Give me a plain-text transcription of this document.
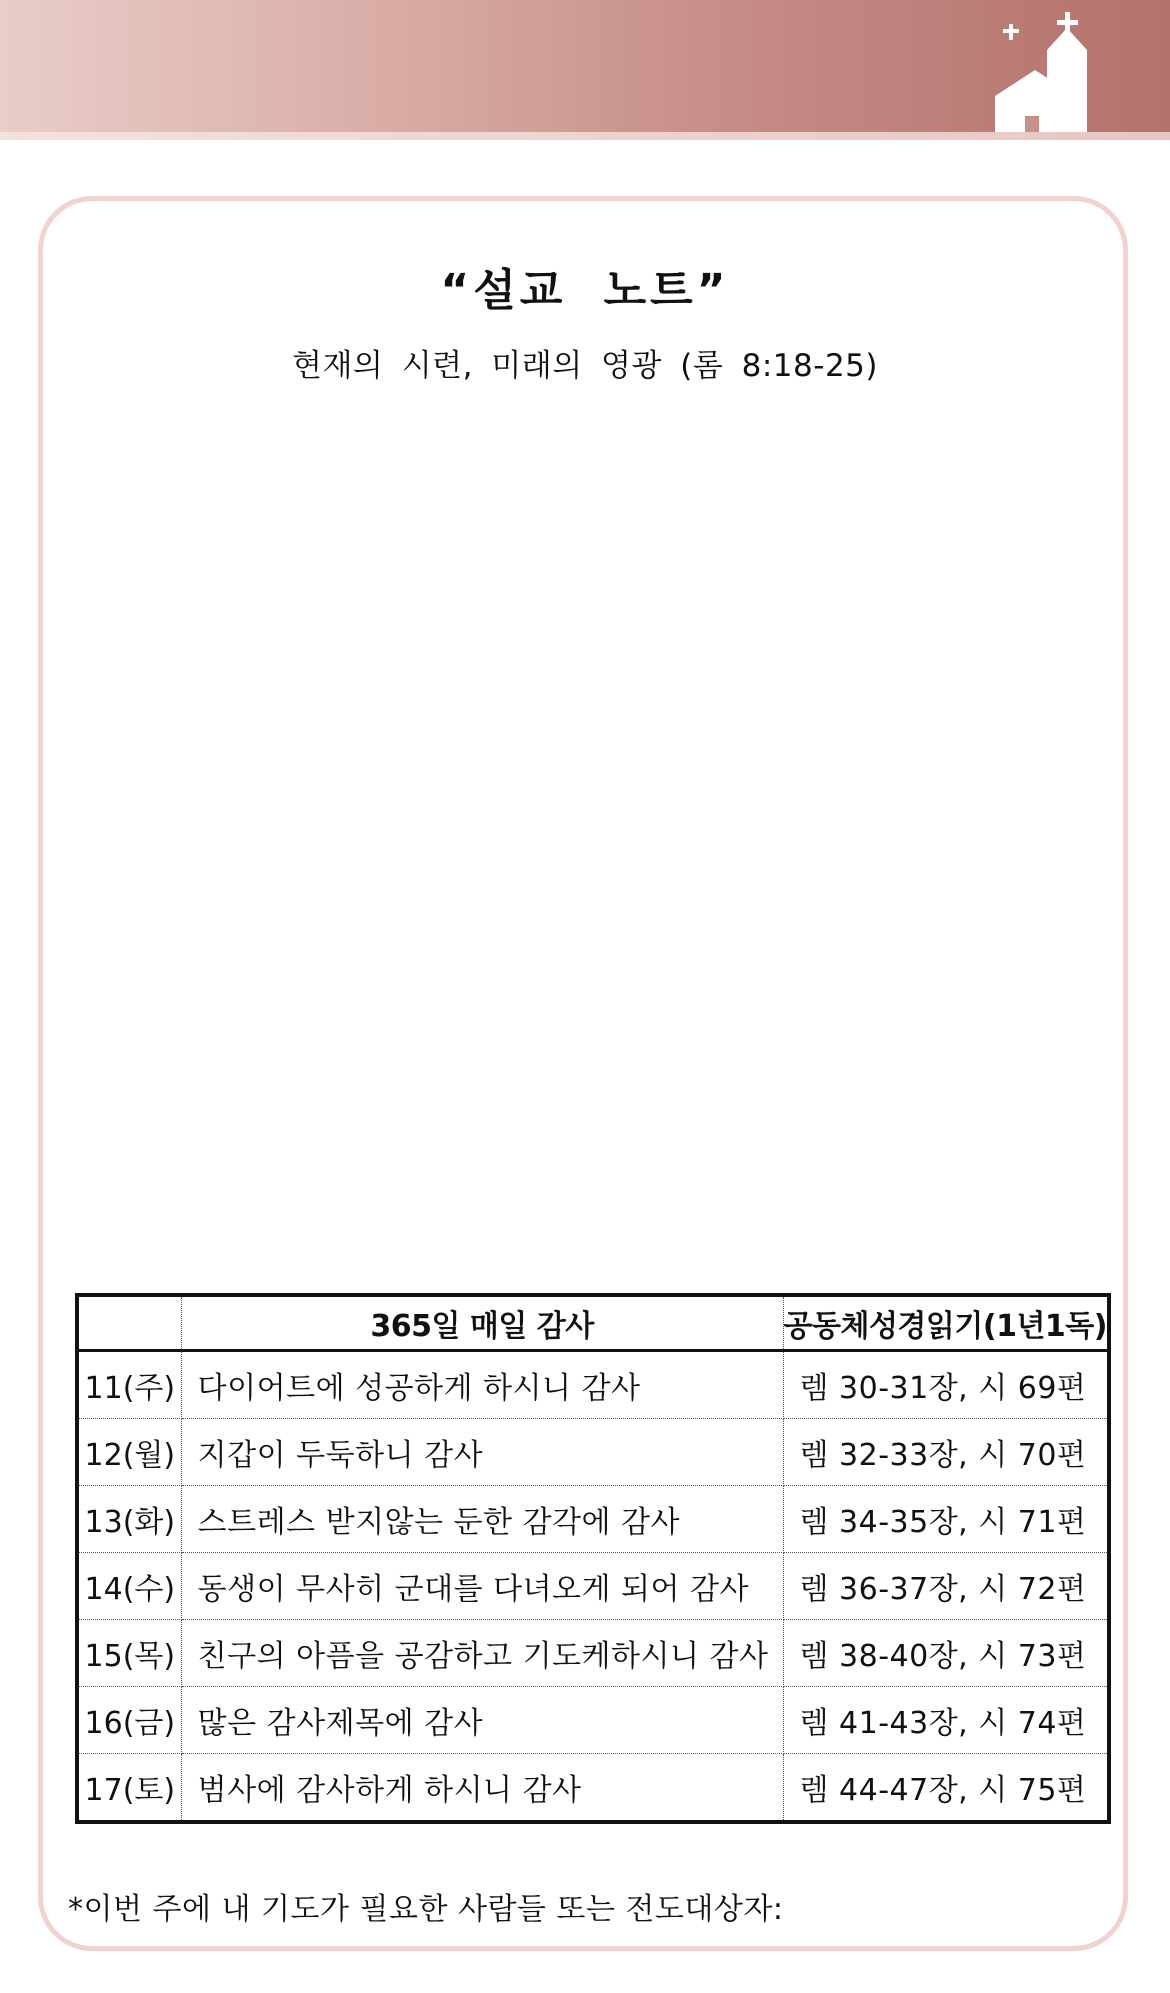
“설교 노트”
현재의 시련, 미래의 영광 (롬 8:18-25)
	365일 매일 감사	공동체성경읽기(1년1독)
11(주)	다이어트에 성공하게 하시니 감사	렘 30-31장, 시 69편
12(월)	지갑이 두둑하니 감사	렘 32-33장, 시 70편
13(화)	스트레스 받지않는 둔한 감각에 감사	렘 34-35장, 시 71편
14(수)	동생이 무사히 군대를 다녀오게 되어 감사	렘 36-37장, 시 72편
15(목)	친구의 아픔을 공감하고 기도케하시니 감사	렘 38-40장, 시 73편
16(금)	많은 감사제목에 감사	렘 41-43장, 시 74편
17(토)	범사에 감사하게 하시니 감사	렘 44-47장, 시 75편
*이번 주에 내 기도가 필요한 사람들 또는 전도대상자:
